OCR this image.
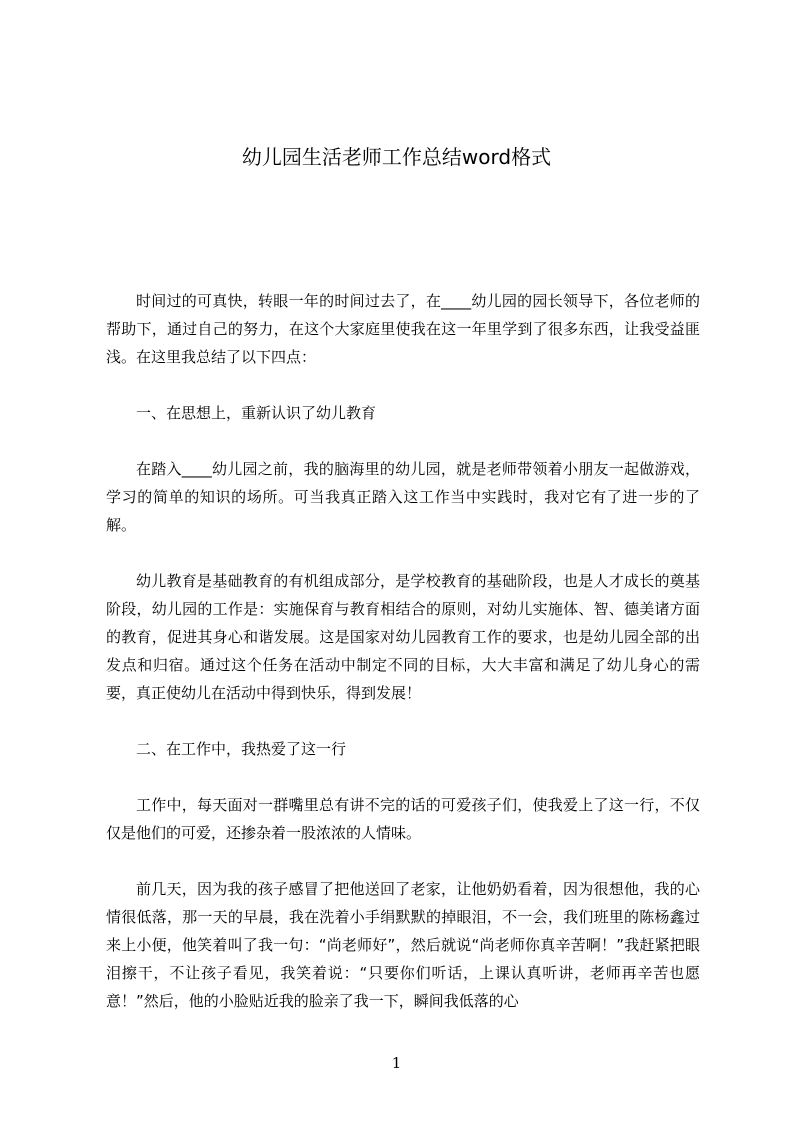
幼儿园生活老师工作总结word格式

时间过的可真快，转眼一年的时间过去了，在____幼儿园的园长领导下，各位老师的帮助下，通过自己的努力，在这个大家庭里使我在这一年里学到了很多东西，让我受益匪浅。在这里我总结了以下四点：

一、在思想上，重新认识了幼儿教育

在踏入____幼儿园之前，我的脑海里的幼儿园，就是老师带领着小朋友一起做游戏，学习的简单的知识的场所。可当我真正踏入这工作当中实践时，我对它有了进一步的了解。

幼儿教育是基础教育的有机组成部分，是学校教育的基础阶段，也是人才成长的奠基阶段，幼儿园的工作是：实施保育与教育相结合的原则，对幼儿实施体、智、德美诸方面的教育，促进其身心和谐发展。这是国家对幼儿园教育工作的要求，也是幼儿园全部的出发点和归宿。通过这个任务在活动中制定不同的目标，大大丰富和满足了幼儿身心的需要，真正使幼儿在活动中得到快乐，得到发展！

二、在工作中，我热爱了这一行

工作中，每天面对一群嘴里总有讲不完的话的可爱孩子们，使我爱上了这一行，不仅仅是他们的可爱，还掺杂着一股浓浓的人情味。

前几天，因为我的孩子感冒了把他送回了老家，让他奶奶看着，因为很想他，我的心情很低落，那一天的早晨，我在洗着小手绢默默的掉眼泪，不一会，我们班里的陈杨鑫过来上小便，他笑着叫了我一句：“尚老师好”，然后就说“尚老师你真辛苦啊！”我赶紧把眼泪擦干，不让孩子看见，我笑着说：“只要你们听话，上课认真听讲，老师再辛苦也愿意！”然后，他的小脸贴近我的脸亲了我一下，瞬间我低落的心

1
